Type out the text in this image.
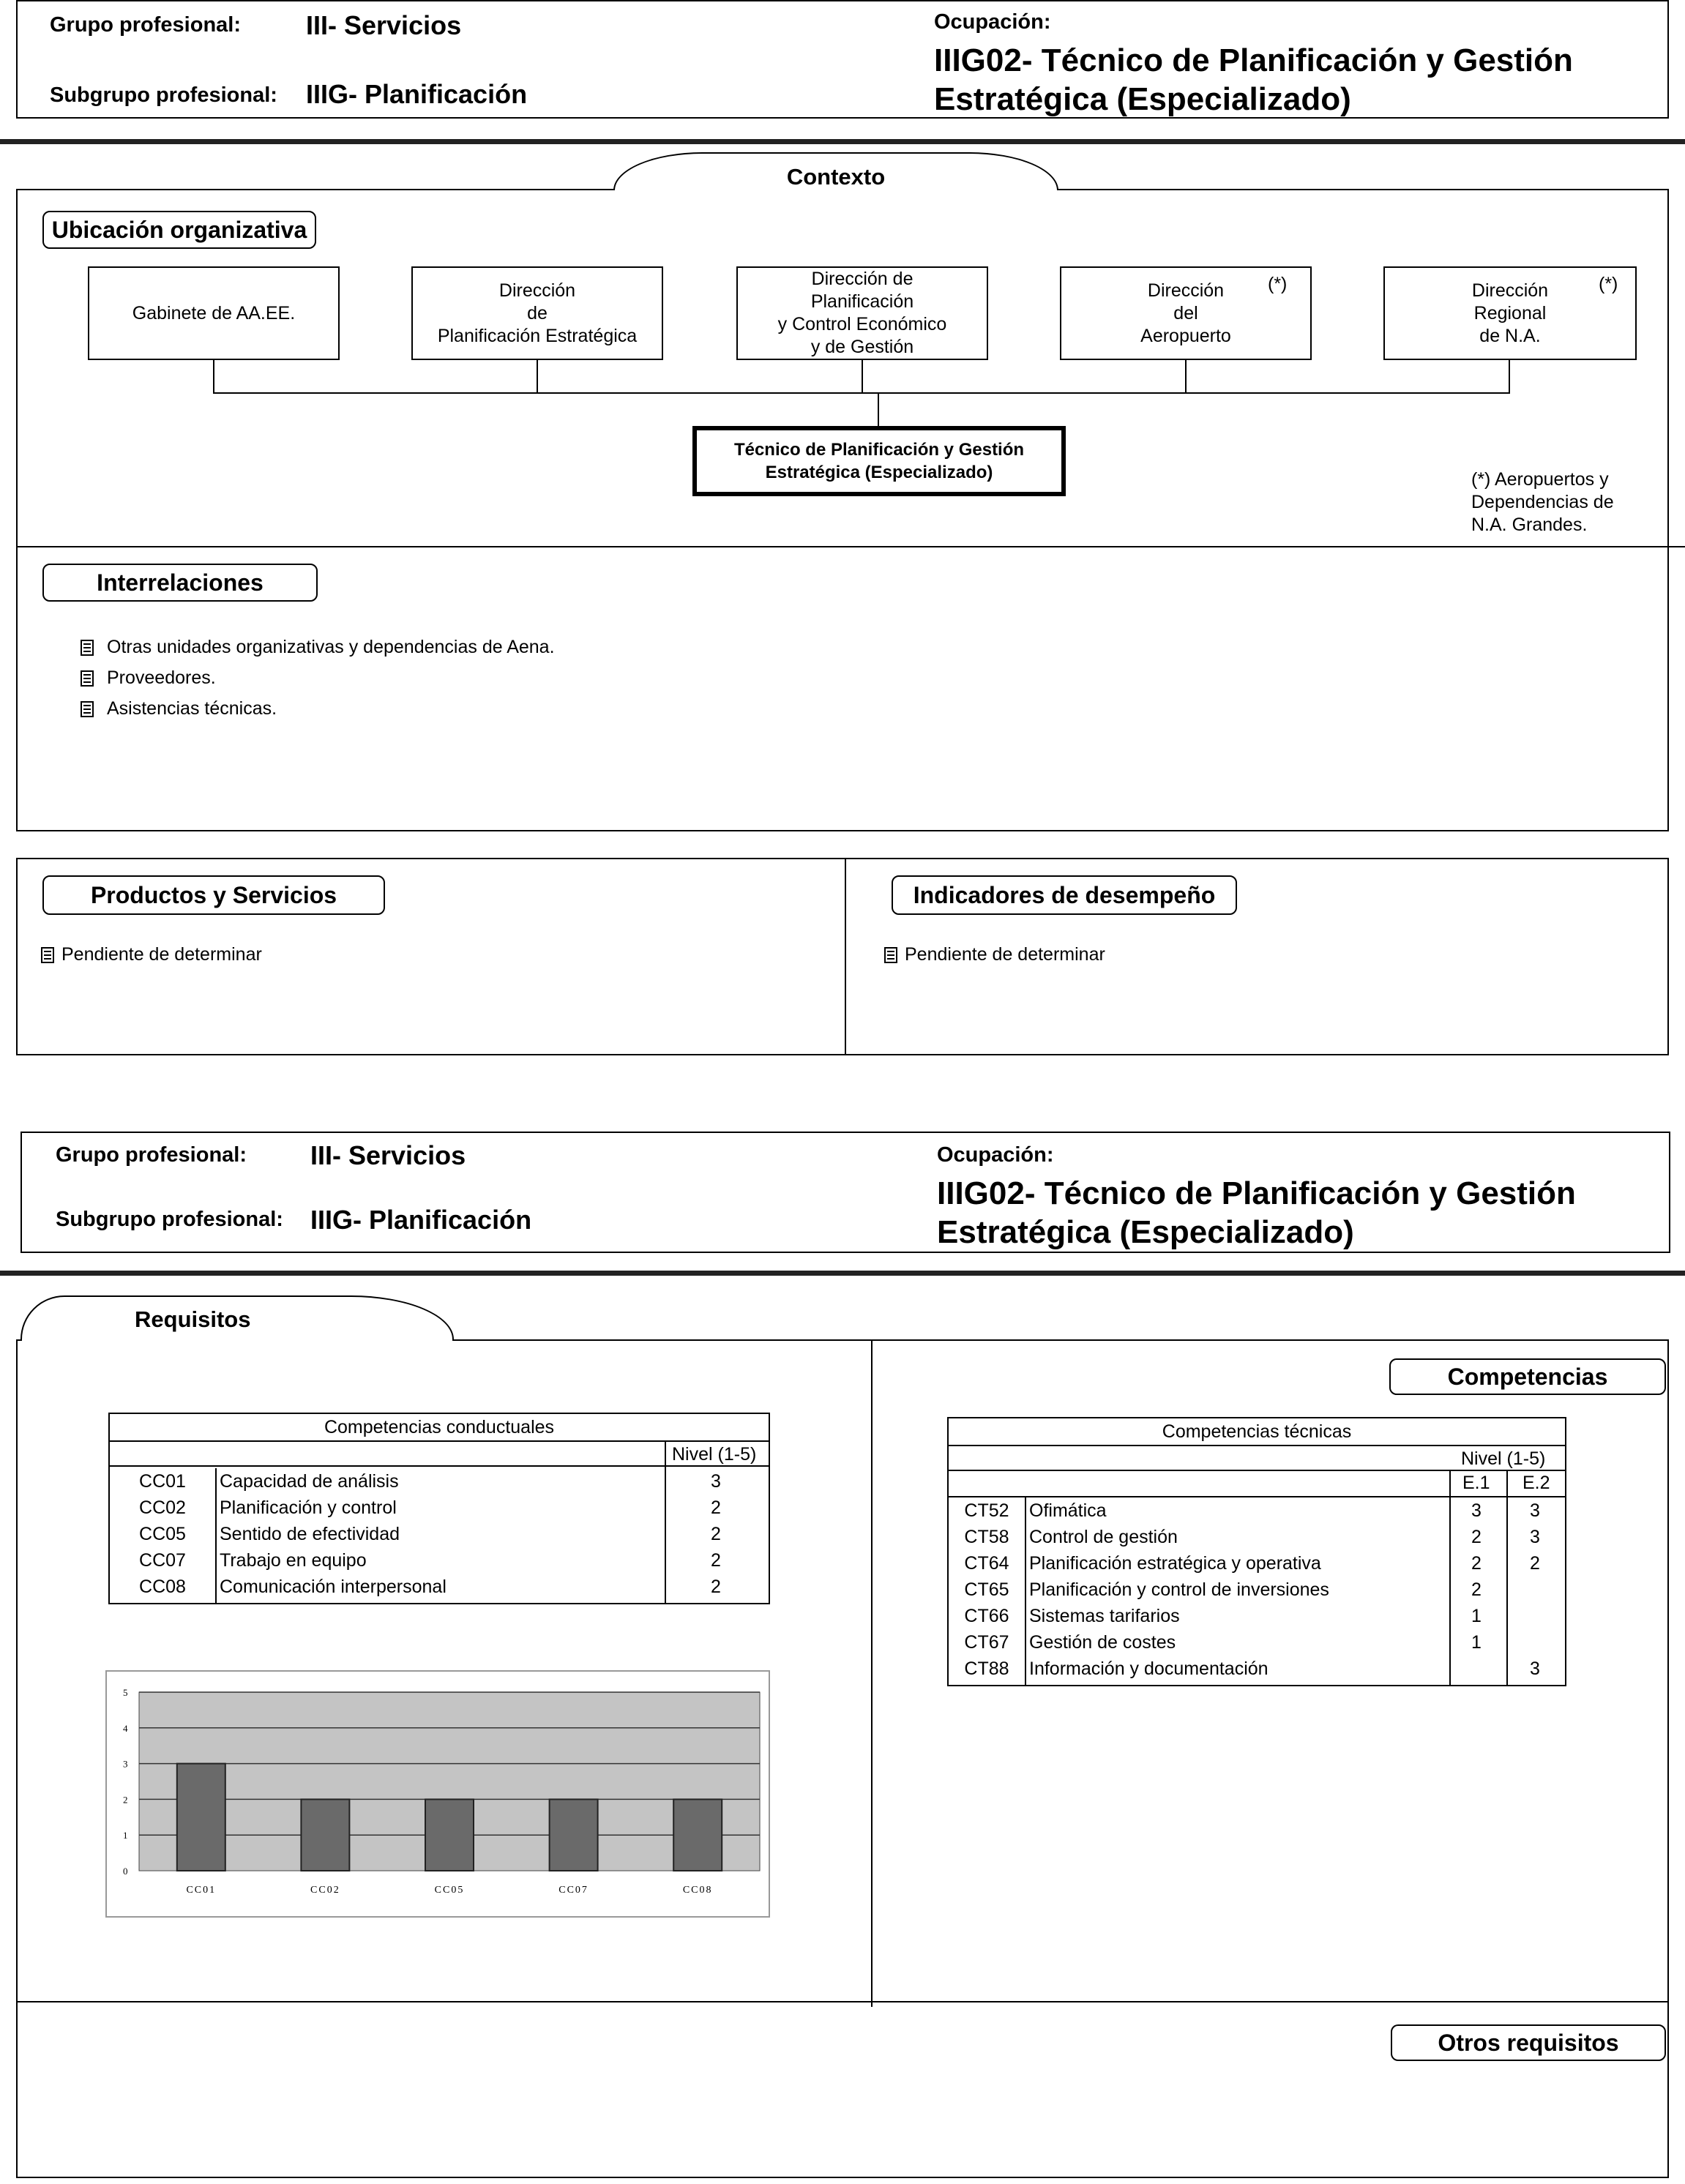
Grupo profesional: III- Servicios
Subgrupo profesional: IIIG- Planificación
Ocupación:
IIIG02- Técnico de Planificación y Gestión
Estratégica (Especializado)
Contexto
Ubicación organizativa
Gabinete de AA.EE.
Dirección
de
Planificación Estratégica
Dirección de
Planificación
y Control Económico
y de Gestión
Dirección
del
Aeropuerto
(*)	Dirección
Regional
de N.A.
(*)
Técnico de Planificación y Gestión
Estratégica (Especializado)	(*) Aeropuertos y
Dependencias de
N.A. Grandes.
Interrelaciones
Otras unidades organizativas y dependencias de Aena.
Proveedores.
Asistencias técnicas.
Productos y Servicios
Pendiente de determinar
Indicadores de desempeño
Pendiente de determinar
Grupo profesional: III- Servicios
Subgrupo profesional: IIIG- Planificación
Ocupación:
IIIG02- Técnico de Planificación y Gestión
Estratégica (Especializado)
Requisitos
Competencias
Otros requisitos
Competencias conductuales
Nivel (1-5)
CC01	Capacidad de análisis	3
CC02	Planificación y control	2
CC05	Sentido de efectividad	2
CC07	Trabajo en equipo	2
CC08	Comunicación interpersonal	2
0
1
2
3
4
5
CC01	CC02	CC05	CC07	CC08
Competencias técnicas
Nivel (1-5)
E.1 E.2
CT52	Ofimática	3	3
CT58	Control de gestión	2	3
CT64	Planificación estratégica y operativa	2	2
CT65	Planificación y control de inversiones	2	
CT66	Sistemas tarifarios	1	
CT67	Gestión de costes	1	
CT88	Información y documentación		3
